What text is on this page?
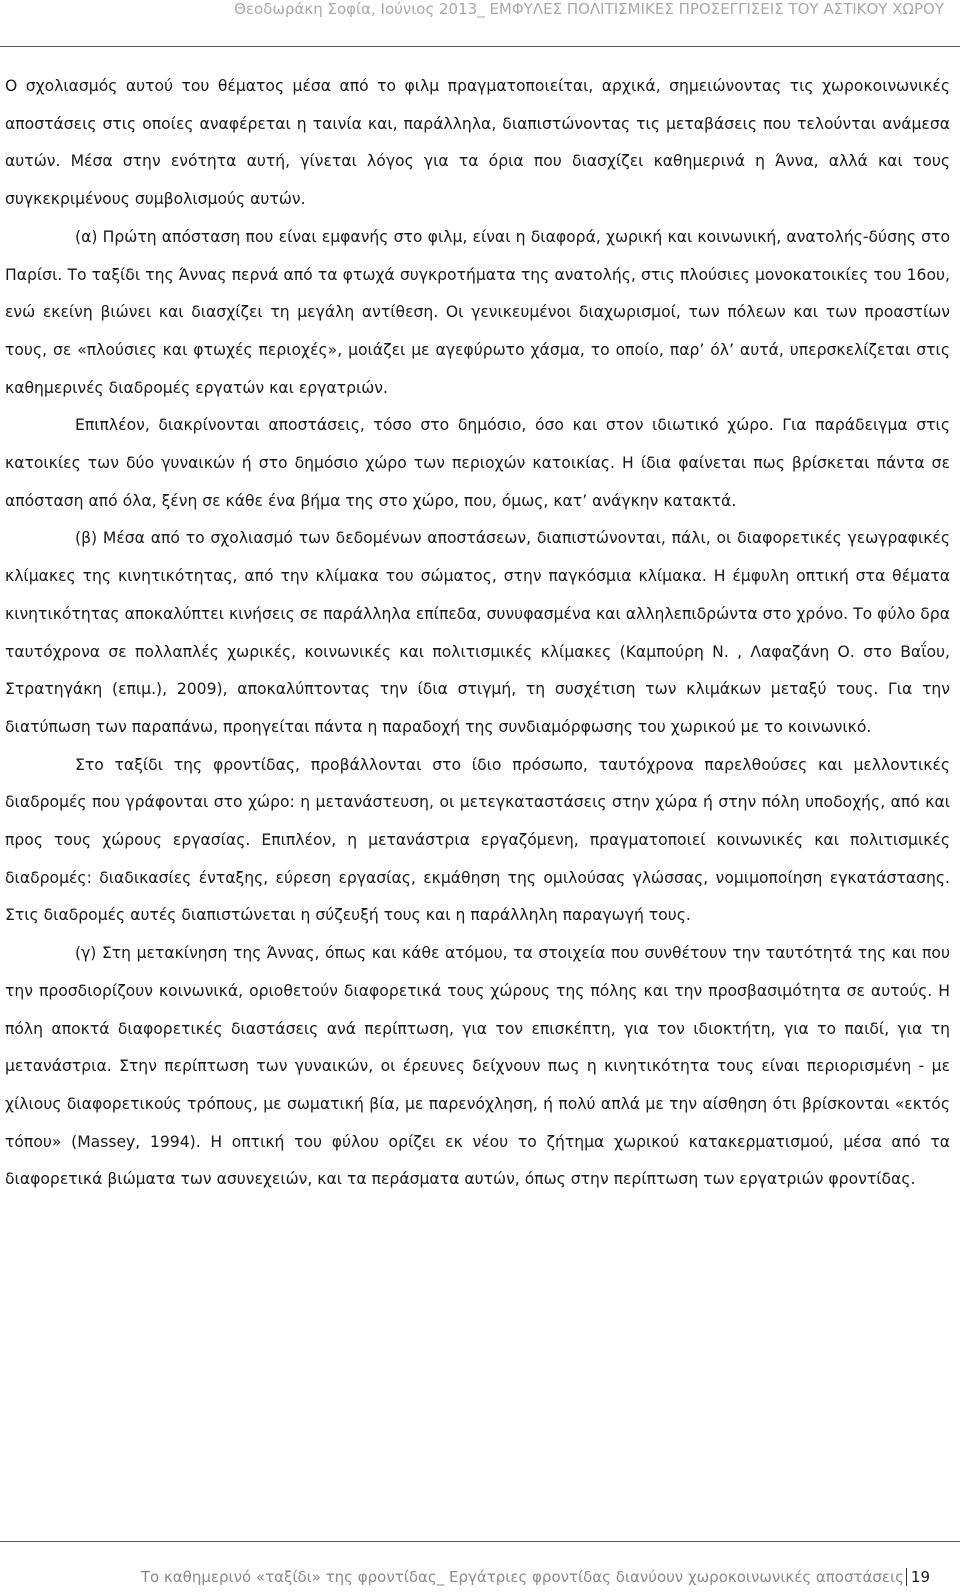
Θεοδωράκη Σοφία, Ιούνιος 2013_ ΕΜΦΥΛΕΣ ΠΟΛΙΤΙΣΜΙΚΕΣ ΠΡΟΣΕΓΓΙΣΕΙΣ ΤΟΥ ΑΣΤΙΚΟΥ ΧΩΡΟΥ

Ο σχολιασμός αυτού του θέματος μέσα από το φιλμ πραγματοποιείται, αρχικά, σημειώνοντας τις χωροκοινωνικές αποστάσεις στις οποίες αναφέρεται η ταινία και, παράλληλα, διαπιστώνοντας τις μεταβάσεις που τελούνται ανάμεσα αυτών. Μέσα στην ενότητα αυτή, γίνεται λόγος για τα όρια που διασχίζει καθημερινά η Άννα, αλλά και τους συγκεκριμένους συμβολισμούς αυτών.

(α) Πρώτη απόσταση που είναι εμφανής στο φιλμ, είναι η διαφορά, χωρική και κοινωνική, ανατολής-δύσης στο Παρίσι. Το ταξίδι της Άννας περνά από τα φτωχά συγκροτήματα της ανατολής, στις πλούσιες μονοκατοικίες του 16ου, ενώ εκείνη βιώνει και διασχίζει τη μεγάλη αντίθεση. Οι γενικευμένοι διαχωρισμοί, των πόλεων και των προαστίων τους, σε «πλούσιες και φτωχές περιοχές», μοιάζει με αγεφύρωτο χάσμα, το οποίο, παρ’ όλ’ αυτά, υπερσκελίζεται στις καθημερινές διαδρομές εργατών και εργατριών.

Επιπλέον, διακρίνονται αποστάσεις, τόσο στο δημόσιο, όσο και στον ιδιωτικό χώρο. Για παράδειγμα στις κατοικίες των δύο γυναικών ή στο δημόσιο χώρο των περιοχών κατοικίας. Η ίδια φαίνεται πως βρίσκεται πάντα σε απόσταση από όλα, ξένη σε κάθε ένα βήμα της στο χώρο, που, όμως, κατ’ ανάγκην κατακτά.

(β) Μέσα από το σχολιασμό των δεδομένων αποστάσεων, διαπιστώνονται, πάλι, οι διαφορετικές γεωγραφικές κλίμακες της κινητικότητας, από την κλίμακα του σώματος, στην παγκόσμια κλίμακα. Η έμφυλη οπτική στα θέματα κινητικότητας αποκαλύπτει κινήσεις σε παράλληλα επίπεδα, συνυφασμένα και αλληλεπιδρώντα στο χρόνο. Το φύλο δρα ταυτόχρονα σε πολλαπλές χωρικές, κοινωνικές και πολιτισμικές κλίμακες (Καμπούρη Ν. , Λαφαζάνη Ο. στο Βαΐου, Στρατηγάκη (επιμ.), 2009), αποκαλύπτοντας την ίδια στιγμή, τη συσχέτιση των κλιμάκων μεταξύ τους. Για την διατύπωση των παραπάνω, προηγείται πάντα η παραδοχή της συνδιαμόρφωσης του χωρικού με το κοινωνικό.

Στο ταξίδι της φροντίδας, προβάλλονται στο ίδιο πρόσωπο, ταυτόχρονα παρελθούσες και μελλοντικές διαδρομές που γράφονται στο χώρο: η μετανάστευση, οι μετεγκαταστάσεις στην χώρα ή στην πόλη υποδοχής, από και προς τους χώρους εργασίας. Επιπλέον, η μετανάστρια εργαζόμενη, πραγματοποιεί κοινωνικές και πολιτισμικές διαδρομές: διαδικασίες ένταξης, εύρεση εργασίας, εκμάθηση της ομιλούσας γλώσσας, νομιμοποίηση εγκατάστασης. Στις διαδρομές αυτές διαπιστώνεται η σύζευξή τους και η παράλληλη παραγωγή τους.

(γ) Στη μετακίνηση της Άννας, όπως και κάθε ατόμου, τα στοιχεία που συνθέτουν την ταυτότητά της και που την προσδιορίζουν κοινωνικά, οριοθετούν διαφορετικά τους χώρους της πόλης και την προσβασιμότητα σε αυτούς. Η πόλη αποκτά διαφορετικές διαστάσεις ανά περίπτωση, για τον επισκέπτη, για τον ιδιοκτήτη, για το παιδί, για τη μετανάστρια. Στην περίπτωση των γυναικών, οι έρευνες δείχνουν πως η κινητικότητα τους είναι περιορισμένη - με χίλιους διαφορετικούς τρόπους, με σωματική βία, με παρενόχληση, ή πολύ απλά με την αίσθηση ότι βρίσκονται «εκτός τόπου» (Massey, 1994). Η οπτική του φύλου ορίζει εκ νέου το ζήτημα χωρικού κατακερματισμού, μέσα από τα διαφορετικά βιώματα των ασυνεχειών, και τα περάσματα αυτών, όπως στην περίπτωση των εργατριών φροντίδας.

Το καθημερινό «ταξίδι» της φροντίδας_ Εργάτριες φροντίδας διανύουν χωροκοινωνικές αποστάσεις 19
